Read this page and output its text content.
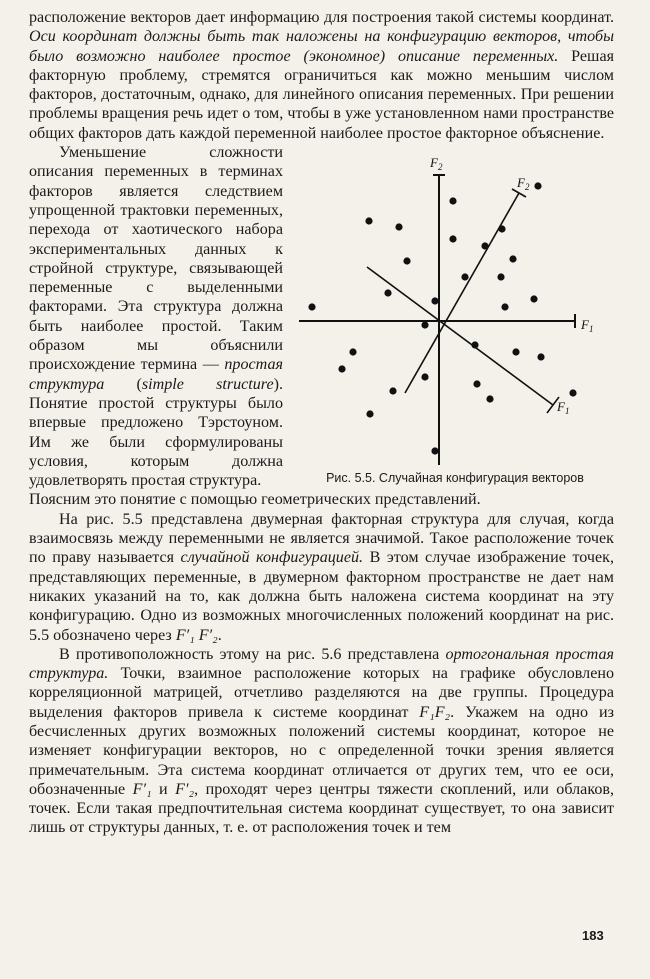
расположение векторов дает информацию для построения такой системы координат. Оси координат должны быть так наложены на конфигурацию векторов, чтобы было возможно наиболее простое (экономное) описание переменных. Решая факторную проблему, стремятся ограничиться как можно меньшим числом факторов, достаточным, однако, для линейного описания переменных. При решении проблемы вращения речь идет о том, чтобы в уже установленном нами пространстве общих факторов дать каждой переменной наиболее простое факторное объяснение.

Уменьшение сложности описания переменных в терминах факторов является следствием упрощенной трактовки переменных, перехода от хаотического набора экспериментальных данных к стройной структуре, связывающей переменные с выделенными факторами. Эта структура должна быть наиболее простой. Таким образом мы объяснили происхождение термина — простая структура (simple structure). Понятие простой структуры было впервые предложено Тэрстоуном. Им же были сформулированы условия, которым должна удовлетворять простая структура.
$F_2$
$F_1$
$F_2$
$F_1$
Рис. 5.5. Случайная конфигурация векторов

Поясним это понятие с помощью геометрических представлений.

На рис. 5.5 представлена двумерная факторная структура для случая, когда взаимосвязь между переменными не является значимой. Такое расположение точек по праву называется случайной конфигурацией. В этом случае изображение точек, представляющих переменные, в двумерном факторном пространстве не дает нам никаких указаний на то, как должна быть наложена система координат на эту конфигурацию. Одно из возможных многочисленных положений координат на рис. 5.5 обозначено через F′₁ F′₂.

В противоположность этому на рис. 5.6 представлена ортогональная простая структура. Точки, взаимное расположение которых на графике обусловлено корреляционной матрицей, отчетливо разделяются на две группы. Процедура выделения факторов привела к системе координат F₁F₂. Укажем на одно из бесчисленных других возможных положений системы координат, которое не изменяет конфигурации векторов, но с определенной точки зрения является примечательным. Эта система координат отличается от других тем, что ее оси, обозначенные F′₁ и F′₂, проходят через центры тяжести скоплений, или облаков, точек. Если такая предпочтительная система координат существует, то она зависит лишь от структуры данных, т. е. от расположения точек и тем

183
